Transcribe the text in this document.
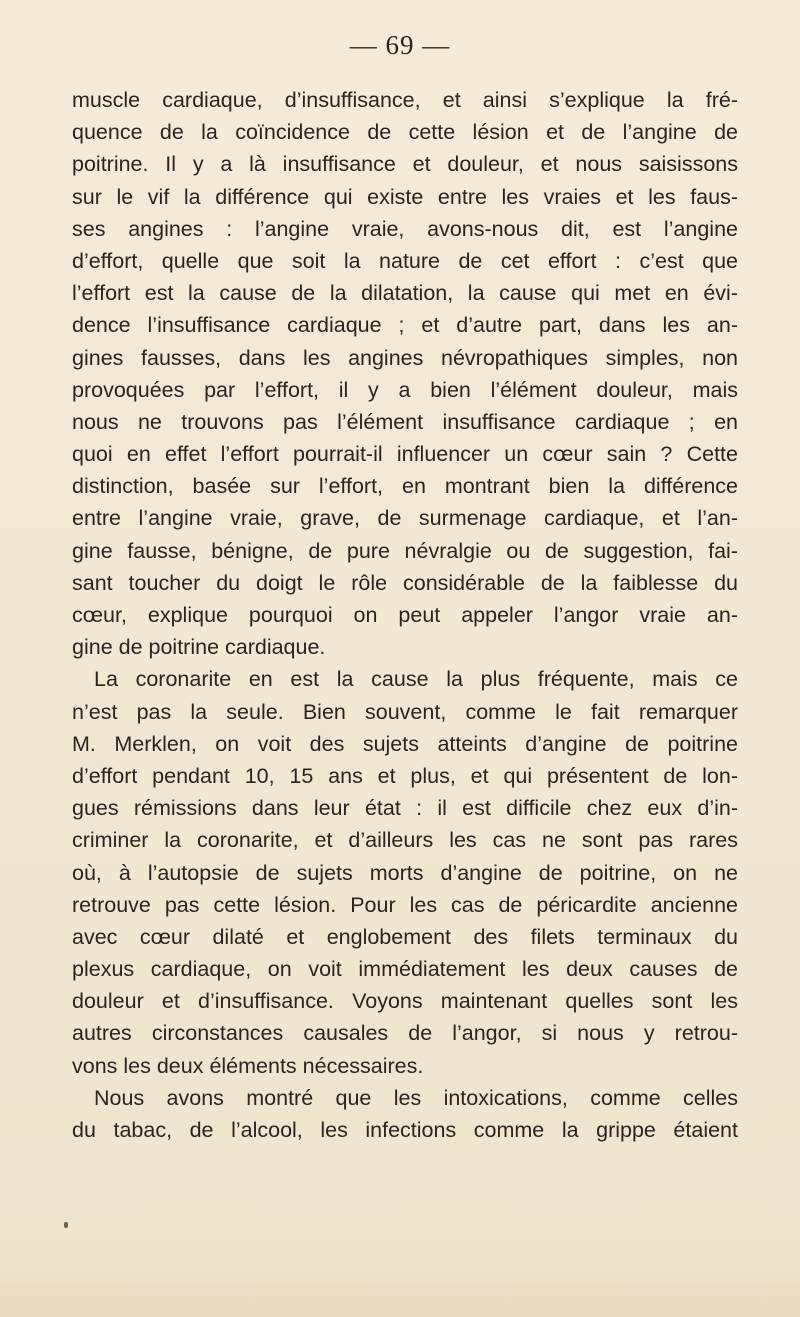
— 69 —
muscle cardiaque, d’insuffisance, et ainsi s’explique la fré-
quence de la coïncidence de cette lésion et de l’angine de
poitrine. Il y a là insuffisance et douleur, et nous saisissons
sur le vif la différence qui existe entre les vraies et les faus-
ses angines : l’angine vraie, avons-nous dit, est l’angine
d’effort, quelle que soit la nature de cet effort : c’est que
l’effort est la cause de la dilatation, la cause qui met en évi-
dence l’insuffisance cardiaque ; et d’autre part, dans les an-
gines fausses, dans les angines névropathiques simples, non
provoquées par l’effort, il y a bien l’élément douleur, mais
nous ne trouvons pas l’élément insuffisance cardiaque ; en
quoi en effet l’effort pourrait-il influencer un cœur sain ? Cette
distinction, basée sur l’effort, en montrant bien la différence
entre l’angine vraie, grave, de surmenage cardiaque, et l’an-
gine fausse, bénigne, de pure névralgie ou de suggestion, fai-
sant toucher du doigt le rôle considérable de la faiblesse du
cœur, explique pourquoi on peut appeler l’angor vraie an-
gine de poitrine cardiaque.
La coronarite en est la cause la plus fréquente, mais ce
n’est pas la seule. Bien souvent, comme le fait remarquer
M. Merklen, on voit des sujets atteints d’angine de poitrine
d’effort pendant 10, 15 ans et plus, et qui présentent de lon-
gues rémissions dans leur état : il est difficile chez eux d’in-
criminer la coronarite, et d’ailleurs les cas ne sont pas rares
où, à l’autopsie de sujets morts d’angine de poitrine, on ne
retrouve pas cette lésion. Pour les cas de péricardite ancienne
avec cœur dilaté et englobement des filets terminaux du
plexus cardiaque, on voit immédiatement les deux causes de
douleur et d’insuffisance. Voyons maintenant quelles sont les
autres circonstances causales de l’angor, si nous y retrou-
vons les deux éléments nécessaires.
Nous avons montré que les intoxications, comme celles
du tabac, de l’alcool, les infections comme la grippe étaient
